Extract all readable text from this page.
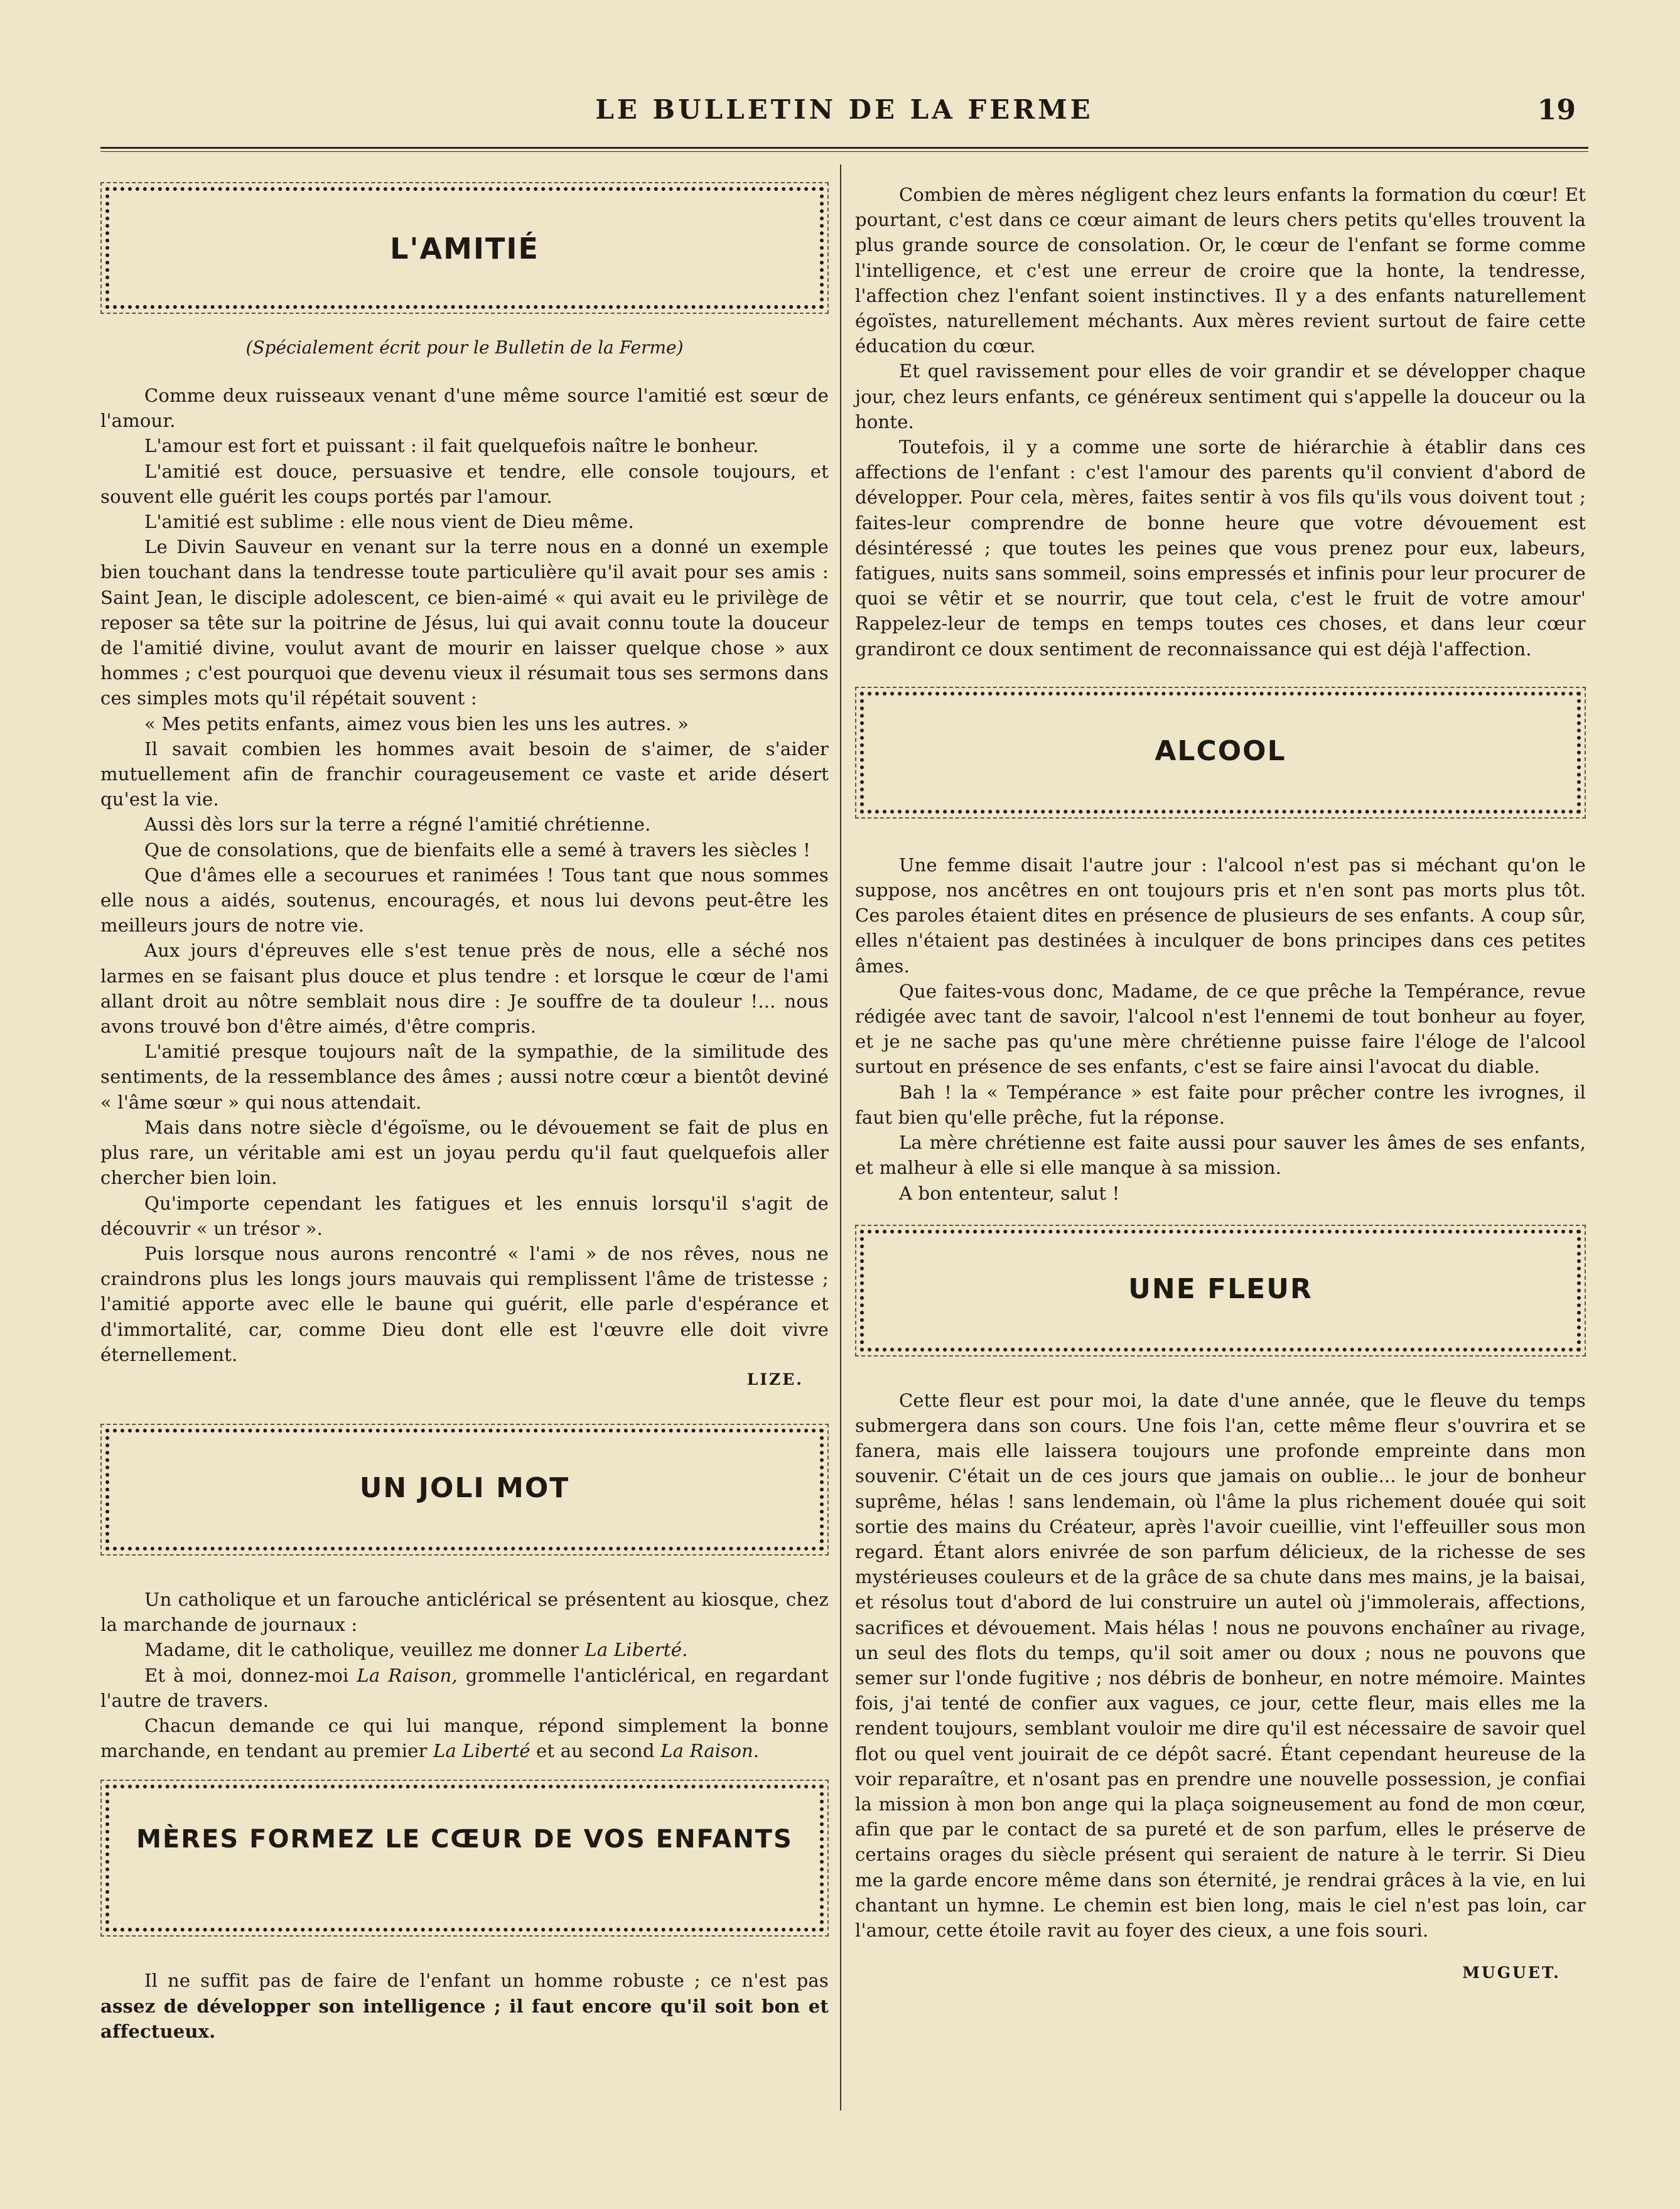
LE BULLETIN DE LA FERME	19
L'AMITIÉ

(Spécialement écrit pour le Bulletin de la Ferme)

Comme deux ruisseaux venant d'une même source l'amitié est sœur de l'amour.

L'amour est fort et puissant : il fait quelquefois naître le bonheur.

L'amitié est douce, persuasive et tendre, elle console toujours, et souvent elle guérit les coups portés par l'amour.

L'amitié est sublime : elle nous vient de Dieu même.

Le Divin Sauveur en venant sur la terre nous en a donné un exemple bien touchant dans la tendresse toute particulière qu'il avait pour ses amis : Saint Jean, le disciple adolescent, ce bien-aimé « qui avait eu le privilège de reposer sa tête sur la poitrine de Jésus, lui qui avait connu toute la douceur de l'amitié divine, voulut avant de mourir en laisser quelque chose » aux hommes ; c'est pourquoi que devenu vieux il résumait tous ses sermons dans ces simples mots qu'il répétait souvent :

« Mes petits enfants, aimez vous bien les uns les autres. »

Il savait combien les hommes avait besoin de s'aimer, de s'aider mutuellement afin de franchir courageusement ce vaste et aride désert qu'est la vie.

Aussi dès lors sur la terre a régné l'amitié chrétienne.

Que de consolations, que de bienfaits elle a semé à travers les siècles !

Que d'âmes elle a secourues et ranimées ! Tous tant que nous sommes elle nous a aidés, soutenus, encouragés, et nous lui devons peut-être les meilleurs jours de notre vie.

Aux jours d'épreuves elle s'est tenue près de nous, elle a séché nos larmes en se faisant plus douce et plus tendre : et lorsque le cœur de l'ami allant droit au nôtre semblait nous dire : Je souffre de ta douleur !... nous avons trouvé bon d'être aimés, d'être compris.

L'amitié presque toujours naît de la sympathie, de la similitude des sentiments, de la ressemblance des âmes ; aussi notre cœur a bientôt deviné « l'âme sœur » qui nous attendait.

Mais dans notre siècle d'égoïsme, ou le dévouement se fait de plus en plus rare, un véritable ami est un joyau perdu qu'il faut quelquefois aller chercher bien loin.

Qu'importe cependant les fatigues et les ennuis lorsqu'il s'agit de découvrir « un trésor ».

Puis lorsque nous aurons rencontré « l'ami » de nos rêves, nous ne craindrons plus les longs jours mauvais qui remplissent l'âme de tristesse ; l'amitié apporte avec elle le baune qui guérit, elle parle d'espérance et d'immortalité, car, comme Dieu dont elle est l'œuvre elle doit vivre éternellement.

LIZE.

UN JOLI MOT

Un catholique et un farouche anticlérical se présentent au kiosque, chez la marchande de journaux :

Madame, dit le catholique, veuillez me donner La Liberté.

Et à moi, donnez-moi La Raison, grommelle l'anticlérical, en regardant l'autre de travers.

Chacun demande ce qui lui manque, répond simplement la bonne marchande, en tendant au premier La Liberté et au second La Raison.

MÈRES FORMEZ LE CŒUR DE VOS ENFANTS

Il ne suffit pas de faire de l'enfant un homme robuste ; ce n'est pas assez de développer son intelligence ; il faut encore qu'il soit bon et affectueux.

Combien de mères négligent chez leurs enfants la formation du cœur! Et pourtant, c'est dans ce cœur aimant de leurs chers petits qu'elles trouvent la plus grande source de consolation. Or, le cœur de l'enfant se forme comme l'intelligence, et c'est une erreur de croire que la honte, la tendresse, l'affection chez l'enfant soient instinctives. Il y a des enfants naturellement égoïstes, naturellement méchants. Aux mères revient surtout de faire cette éducation du cœur.

Et quel ravissement pour elles de voir grandir et se développer chaque jour, chez leurs enfants, ce généreux sentiment qui s'appelle la douceur ou la honte.

Toutefois, il y a comme une sorte de hiérarchie à établir dans ces affections de l'enfant : c'est l'amour des parents qu'il convient d'abord de développer. Pour cela, mères, faites sentir à vos fils qu'ils vous doivent tout ; faites-leur comprendre de bonne heure que votre dévouement est désintéressé ; que toutes les peines que vous prenez pour eux, labeurs, fatigues, nuits sans sommeil, soins empressés et infinis pour leur procurer de quoi se vêtir et se nourrir, que tout cela, c'est le fruit de votre amour' Rappelez-leur de temps en temps toutes ces choses, et dans leur cœur grandiront ce doux sentiment de reconnaissance qui est déjà l'affection.

ALCOOL

Une femme disait l'autre jour : l'alcool n'est pas si méchant qu'on le suppose, nos ancêtres en ont toujours pris et n'en sont pas morts plus tôt. Ces paroles étaient dites en présence de plusieurs de ses enfants. A coup sûr, elles n'étaient pas destinées à inculquer de bons principes dans ces petites âmes.

Que faites-vous donc, Madame, de ce que prêche la Tempérance, revue rédigée avec tant de savoir, l'alcool n'est l'ennemi de tout bonheur au foyer, et je ne sache pas qu'une mère chrétienne puisse faire l'éloge de l'alcool surtout en présence de ses enfants, c'est se faire ainsi l'avocat du diable.

Bah ! la « Tempérance » est faite pour prêcher contre les ivrognes, il faut bien qu'elle prêche, fut la réponse.

La mère chrétienne est faite aussi pour sauver les âmes de ses enfants, et malheur à elle si elle manque à sa mission.

A bon ententeur, salut !

UNE FLEUR

Cette fleur est pour moi, la date d'une année, que le fleuve du temps submergera dans son cours. Une fois l'an, cette même fleur s'ouvrira et se fanera, mais elle laissera toujours une profonde empreinte dans mon souvenir. C'était un de ces jours que jamais on oublie... le jour de bonheur suprême, hélas ! sans lendemain, où l'âme la plus richement douée qui soit sortie des mains du Créateur, après l'avoir cueillie, vint l'effeuiller sous mon regard. Étant alors enivrée de son parfum délicieux, de la richesse de ses mystérieuses couleurs et de la grâce de sa chute dans mes mains, je la baisai, et résolus tout d'abord de lui construire un autel où j'immolerais, affections, sacrifices et dévouement. Mais hélas ! nous ne pouvons enchaîner au rivage, un seul des flots du temps, qu'il soit amer ou doux ; nous ne pouvons que semer sur l'onde fugitive ; nos débris de bonheur, en notre mémoire. Maintes fois, j'ai tenté de confier aux vagues, ce jour, cette fleur, mais elles me la rendent toujours, semblant vouloir me dire qu'il est nécessaire de savoir quel flot ou quel vent jouirait de ce dépôt sacré. Étant cependant heureuse de la voir reparaître, et n'osant pas en prendre une nouvelle possession, je confiai la mission à mon bon ange qui la plaça soigneusement au fond de mon cœur, afin que par le contact de sa pureté et de son parfum, elles le préserve de certains orages du siècle présent qui seraient de nature à le terrir. Si Dieu me la garde encore même dans son éternité, je rendrai grâces à la vie, en lui chantant un hymne. Le chemin est bien long, mais le ciel n'est pas loin, car l'amour, cette étoile ravit au foyer des cieux, a une fois souri.

MUGUET.
